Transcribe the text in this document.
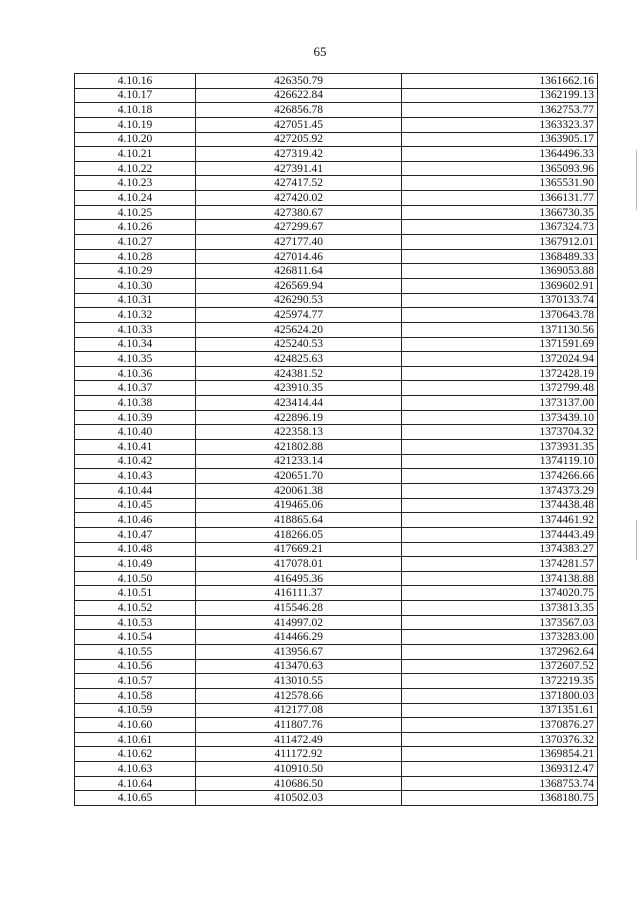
65
4.10.16	426350.79	1361662.16
4.10.17	426622.84	1362199.13
4.10.18	426856.78	1362753.77
4.10.19	427051.45	1363323.37
4.10.20	427205.92	1363905.17
4.10.21	427319.42	1364496.33
4.10.22	427391.41	1365093.96
4.10.23	427417.52	1365531.90
4.10.24	427420.02	1366131.77
4.10.25	427380.67	1366730.35
4.10.26	427299.67	1367324.73
4.10.27	427177.40	1367912.01
4.10.28	427014.46	1368489.33
4.10.29	426811.64	1369053.88
4.10.30	426569.94	1369602.91
4.10.31	426290.53	1370133.74
4.10.32	425974.77	1370643.78
4.10.33	425624.20	1371130.56
4.10.34	425240.53	1371591.69
4.10.35	424825.63	1372024.94
4.10.36	424381.52	1372428.19
4.10.37	423910.35	1372799.48
4.10.38	423414.44	1373137.00
4.10.39	422896.19	1373439.10
4.10.40	422358.13	1373704.32
4.10.41	421802.88	1373931.35
4.10.42	421233.14	1374119.10
4.10.43	420651.70	1374266.66
4.10.44	420061.38	1374373.29
4.10.45	419465.06	1374438.48
4.10.46	418865.64	1374461.92
4.10.47	418266.05	1374443.49
4.10.48	417669.21	1374383.27
4.10.49	417078.01	1374281.57
4.10.50	416495.36	1374138.88
4.10.51	416111.37	1374020.75
4.10.52	415546.28	1373813.35
4.10.53	414997.02	1373567.03
4.10.54	414466.29	1373283.00
4.10.55	413956.67	1372962.64
4.10.56	413470.63	1372607.52
4.10.57	413010.55	1372219.35
4.10.58	412578.66	1371800.03
4.10.59	412177.08	1371351.61
4.10.60	411807.76	1370876.27
4.10.61	411472.49	1370376.32
4.10.62	411172.92	1369854.21
4.10.63	410910.50	1369312.47
4.10.64	410686.50	1368753.74
4.10.65	410502.03	1368180.75
